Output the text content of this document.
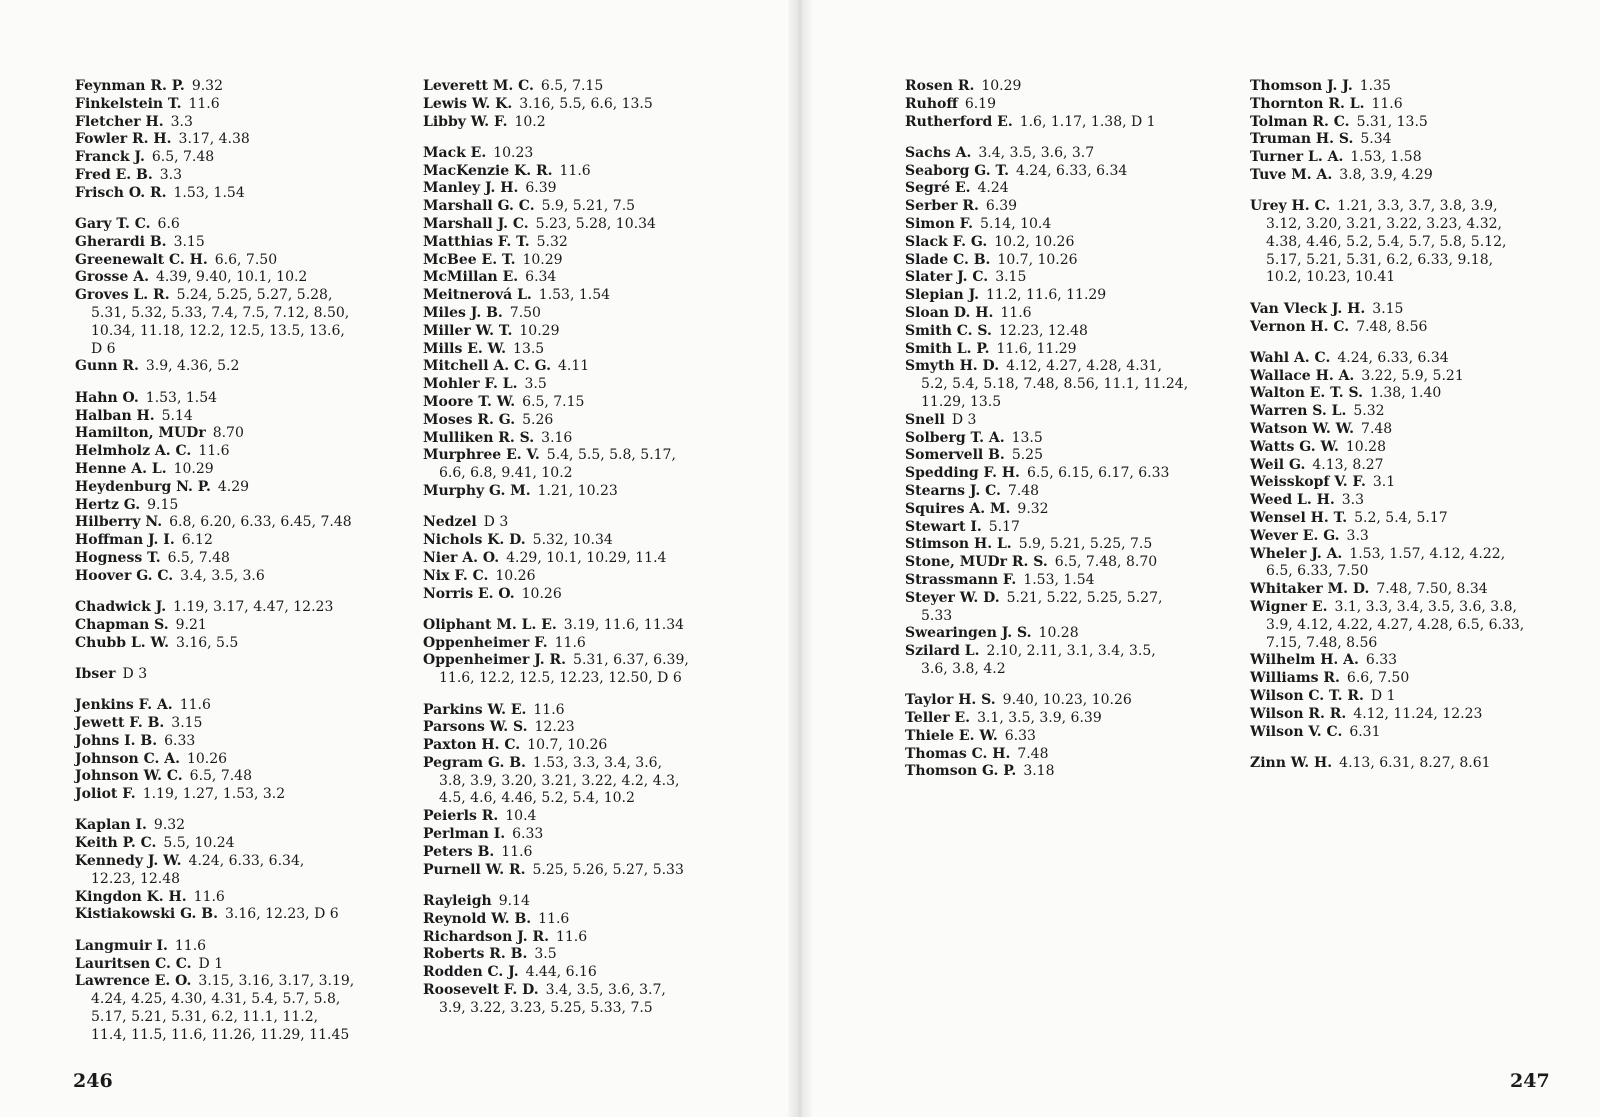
Feynman R. P.  9.32
Finkelstein T.  11.6
Fletcher H.  3.3
Fowler R. H.  3.17, 4.38
Franck J.  6.5, 7.48
Fred E. B.  3.3
Frisch O. R.  1.53, 1.54
Gary T. C.  6.6
Gherardi B.  3.15
Greenewalt C. H.  6.6, 7.50
Grosse A.  4.39, 9.40, 10.1, 10.2
Groves L. R.  5.24, 5.25, 5.27, 5.28,
5.31, 5.32, 5.33, 7.4, 7.5, 7.12, 8.50,
10.34, 11.18, 12.2, 12.5, 13.5, 13.6,
D 6
Gunn R.  3.9, 4.36, 5.2
Hahn O.  1.53, 1.54
Halban H.  5.14
Hamilton, MUDr  8.70
Helmholz A. C.  11.6
Henne A. L.  10.29
Heydenburg N. P.  4.29
Hertz G.  9.15
Hilberry N.  6.8, 6.20, 6.33, 6.45, 7.48
Hoffman J. I.  6.12
Hogness T.  6.5, 7.48
Hoover G. C.  3.4, 3.5, 3.6
Chadwick J.  1.19, 3.17, 4.47, 12.23
Chapman S.  9.21
Chubb L. W.  3.16, 5.5
Ibser  D 3
Jenkins F. A.  11.6
Jewett F. B.  3.15
Johns I. B.  6.33
Johnson C. A.  10.26
Johnson W. C.  6.5, 7.48
Joliot F.  1.19, 1.27, 1.53, 3.2
Kaplan I.  9.32
Keith P. C.  5.5, 10.24
Kennedy J. W.  4.24, 6.33, 6.34,
12.23, 12.48
Kingdon K. H.  11.6
Kistiakowski G. B.  3.16, 12.23, D 6
Langmuir I.  11.6
Lauritsen C. C.  D 1
Lawrence E. O.  3.15, 3.16, 3.17, 3.19,
4.24, 4.25, 4.30, 4.31, 5.4, 5.7, 5.8,
5.17, 5.21, 5.31, 6.2, 11.1, 11.2,
11.4, 11.5, 11.6, 11.26, 11.29, 11.45
Leverett M. C.  6.5, 7.15
Lewis W. K.  3.16, 5.5, 6.6, 13.5
Libby W. F.  10.2
Mack E.  10.23
MacKenzie K. R.  11.6
Manley J. H.  6.39
Marshall G. C.  5.9, 5.21, 7.5
Marshall J. C.  5.23, 5.28, 10.34
Matthias F. T.  5.32
McBee E. T.  10.29
McMillan E.  6.34
Meitnerová L.  1.53, 1.54
Miles J. B.  7.50
Miller W. T.  10.29
Mills E. W.  13.5
Mitchell A. C. G.  4.11
Mohler F. L.  3.5
Moore T. W.  6.5, 7.15
Moses R. G.  5.26
Mulliken R. S.  3.16
Murphree E. V.  5.4, 5.5, 5.8, 5.17,
6.6, 6.8, 9.41, 10.2
Murphy G. M.  1.21, 10.23
Nedzel  D 3
Nichols K. D.  5.32, 10.34
Nier A. O.  4.29, 10.1, 10.29, 11.4
Nix F. C.  10.26
Norris E. O.  10.26
Oliphant M. L. E.  3.19, 11.6, 11.34
Oppenheimer F.  11.6
Oppenheimer J. R.  5.31, 6.37, 6.39,
11.6, 12.2, 12.5, 12.23, 12.50, D 6
Parkins W. E.  11.6
Parsons W. S.  12.23
Paxton H. C.  10.7, 10.26
Pegram G. B.  1.53, 3.3, 3.4, 3.6,
3.8, 3.9, 3.20, 3.21, 3.22, 4.2, 4.3,
4.5, 4.6, 4.46, 5.2, 5.4, 10.2
Peierls R.  10.4
Perlman I.  6.33
Peters B.  11.6
Purnell W. R.  5.25, 5.26, 5.27, 5.33
Rayleigh  9.14
Reynold W. B.  11.6
Richardson J. R.  11.6
Roberts R. B.  3.5
Rodden C. J.  4.44, 6.16
Roosevelt F. D.  3.4, 3.5, 3.6, 3.7,
3.9, 3.22, 3.23, 5.25, 5.33, 7.5
246
Rosen R.  10.29
Ruhoff  6.19
Rutherford E.  1.6, 1.17, 1.38, D 1
Sachs A.  3.4, 3.5, 3.6, 3.7
Seaborg G. T.  4.24, 6.33, 6.34
Segré E.  4.24
Serber R.  6.39
Simon F.  5.14, 10.4
Slack F. G.  10.2, 10.26
Slade C. B.  10.7, 10.26
Slater J. C.  3.15
Slepian J.  11.2, 11.6, 11.29
Sloan D. H.  11.6
Smith C. S.  12.23, 12.48
Smith L. P.  11.6, 11.29
Smyth H. D.  4.12, 4.27, 4.28, 4.31,
5.2, 5.4, 5.18, 7.48, 8.56, 11.1, 11.24,
11.29, 13.5
Snell  D 3
Solberg T. A.  13.5
Somervell B.  5.25
Spedding F. H.  6.5, 6.15, 6.17, 6.33
Stearns J. C.  7.48
Squires A. M.  9.32
Stewart I.  5.17
Stimson H. L.  5.9, 5.21, 5.25, 7.5
Stone, MUDr R. S.  6.5, 7.48, 8.70
Strassmann F.  1.53, 1.54
Steyer W. D.  5.21, 5.22, 5.25, 5.27,
5.33
Swearingen J. S.  10.28
Szilard L.  2.10, 2.11, 3.1, 3.4, 3.5,
3.6, 3.8, 4.2
Taylor H. S.  9.40, 10.23, 10.26
Teller E.  3.1, 3.5, 3.9, 6.39
Thiele E. W.  6.33
Thomas C. H.  7.48
Thomson G. P.  3.18
Thomson J. J.  1.35
Thornton R. L.  11.6
Tolman R. C.  5.31, 13.5
Truman H. S.  5.34
Turner L. A.  1.53, 1.58
Tuve M. A.  3.8, 3.9, 4.29
Urey H. C.  1.21, 3.3, 3.7, 3.8, 3.9,
3.12, 3.20, 3.21, 3.22, 3.23, 4.32,
4.38, 4.46, 5.2, 5.4, 5.7, 5.8, 5.12,
5.17, 5.21, 5.31, 6.2, 6.33, 9.18,
10.2, 10.23, 10.41
Van Vleck J. H.  3.15
Vernon H. C.  7.48, 8.56
Wahl A. C.  4.24, 6.33, 6.34
Wallace H. A.  3.22, 5.9, 5.21
Walton E. T. S.  1.38, 1.40
Warren S. L.  5.32
Watson W. W.  7.48
Watts G. W.  10.28
Weil G.  4.13, 8.27
Weisskopf V. F.  3.1
Weed L. H.  3.3
Wensel H. T.  5.2, 5.4, 5.17
Wever E. G.  3.3
Wheler J. A.  1.53, 1.57, 4.12, 4.22,
6.5, 6.33, 7.50
Whitaker M. D.  7.48, 7.50, 8.34
Wigner E.  3.1, 3.3, 3.4, 3.5, 3.6, 3.8,
3.9, 4.12, 4.22, 4.27, 4.28, 6.5, 6.33,
7.15, 7.48, 8.56
Wilhelm H. A.  6.33
Williams R.  6.6, 7.50
Wilson C. T. R.  D 1
Wilson R. R.  4.12, 11.24, 12.23
Wilson V. C.  6.31
Zinn W. H.  4.13, 6.31, 8.27, 8.61
247
